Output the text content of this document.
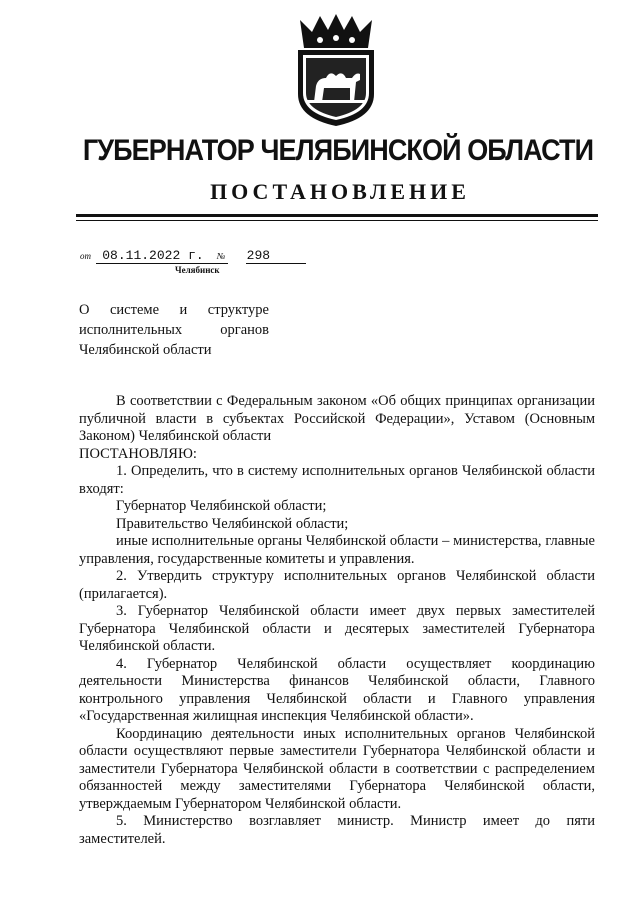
ГУБЕРНАТОР ЧЕЛЯБИНСКОЙ ОБЛАСТИ
ПОСТАНОВЛЕНИЕ
от 08.11.2022 г. № 298
Челябинск
О системе и структуре
исполнительных органов
Челябинской области

В соответствии с Федеральным законом «Об общих принципах организации публичной власти в субъектах Российской Федерации», Уставом (Основным Законом) Челябинской области

ПОСТАНОВЛЯЮ:

1. Определить, что в систему исполнительных органов Челябинской области входят:

Губернатор Челябинской области;

Правительство Челябинской области;

иные исполнительные органы Челябинской области – министерства, главные управления, государственные комитеты и управления.

2. Утвердить структуру исполнительных органов Челябинской области (прилагается).

3. Губернатор Челябинской области имеет двух первых заместителей Губернатора Челябинской области и десятерых заместителей Губернатора Челябинской области.

4. Губернатор Челябинской области осуществляет координацию деятельности Министерства финансов Челябинской области, Главного контрольного управления Челябинской области и Главного управления «Государственная жилищная инспекция Челябинской области».

Координацию деятельности иных исполнительных органов Челябинской области осуществляют первые заместители Губернатора Челябинской области и заместители Губернатора Челябинской области в соответствии с распределением обязанностей между заместителями Губернатора Челябинской области, утверждаемым Губернатором Челябинской области.

5. Министерство возглавляет министр. Министр имеет до пяти заместителей.
